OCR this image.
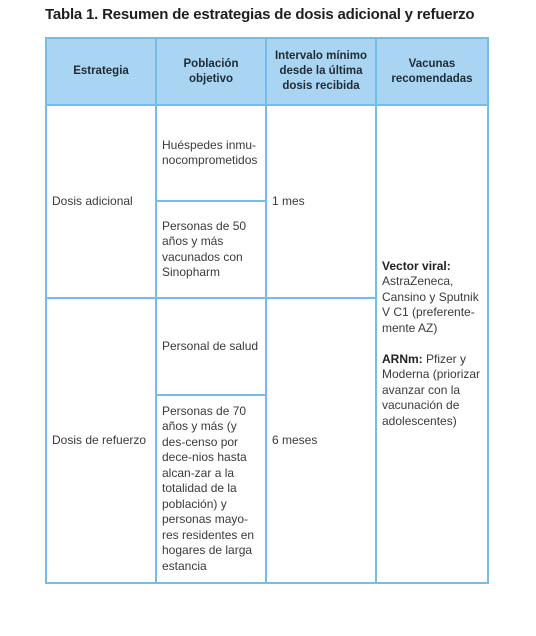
Tabla 1. Resumen de estrategias de dosis adicional y refuerzo
Estrategia	Población objetivo	Intervalo mínimo desde la última dosis recibida	Vacunas recomendadas
Dosis adicional	Huéspedes inmu-nocomprometidos	1 mes	Vector viral: AstraZeneca, Cansino y Sputnik V C1 (preferente-mente AZ)
ARNm: Pfizer y Moderna (priorizar avanzar con la vacunación de adolescentes)

	Personas de 50 años y más vacunados con Sinopharm		
Dosis de refuerzo	Personal de salud	6 meses	
	Personas de 70 años y más (y des-censo por dece-nios hasta alcan-zar a la totalidad de la población) y personas mayo-res residentes en hogares de larga estancia		
